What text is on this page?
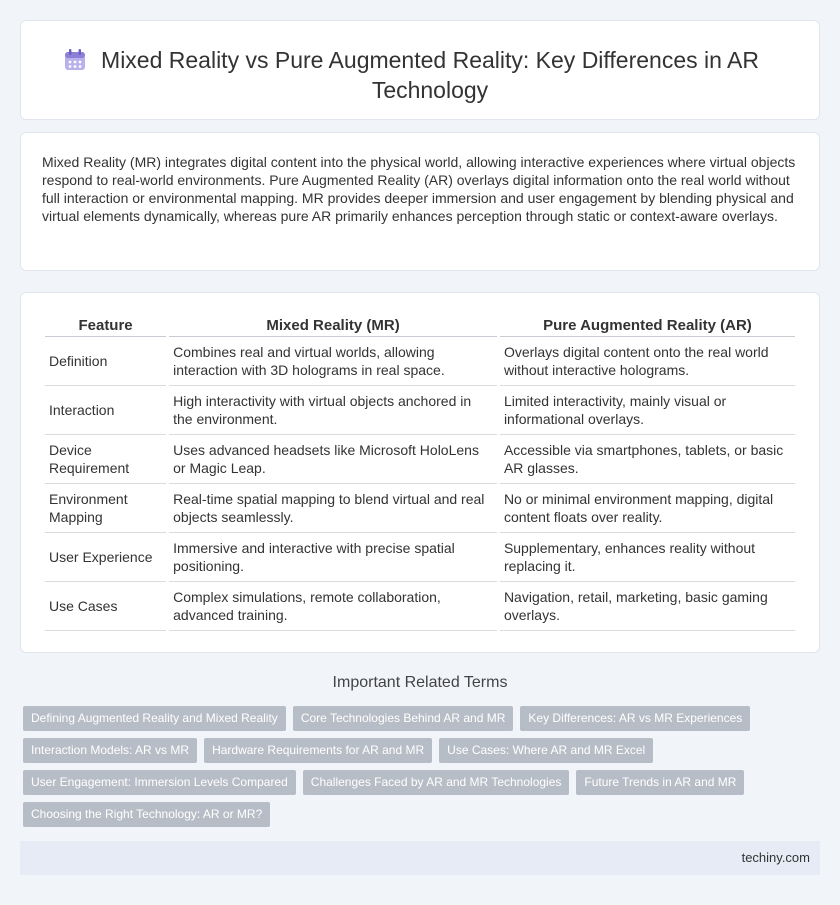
Mixed Reality vs Pure Augmented Reality: Key Differences in AR Technology

Mixed Reality (MR) integrates digital content into the physical world, allowing interactive experiences where virtual objects respond to real-world environments. Pure Augmented Reality (AR) overlays digital information onto the real world without full interaction or environmental mapping. MR provides deeper immersion and user engagement by blending physical and virtual elements dynamically, whereas pure AR primarily enhances perception through static or context-aware overlays.

Feature	Mixed Reality (MR)	Pure Augmented Reality (AR)
Definition	Combines real and virtual worlds, allowing interaction with 3D holograms in real space.	Overlays digital content onto the real world without interactive holograms.
Interaction	High interactivity with virtual objects anchored in the environment.	Limited interactivity, mainly visual or informational overlays.
Device Requirement	Uses advanced headsets like Microsoft HoloLens or Magic Leap.	Accessible via smartphones, tablets, or basic AR glasses.
Environment Mapping	Real-time spatial mapping to blend virtual and real objects seamlessly.	No or minimal environment mapping, digital content floats over reality.
User Experience	Immersive and interactive with precise spatial positioning.	Supplementary, enhances reality without replacing it.
Use Cases	Complex simulations, remote collaboration, advanced training.	Navigation, retail, marketing, basic gaming overlays.
Important Related Terms
Defining Augmented Reality and Mixed Reality	Core Technologies Behind AR and MR	Key Differences: AR vs MR Experiences
Interaction Models: AR vs MR	Hardware Requirements for AR and MR	Use Cases: Where AR and MR Excel
User Engagement: Immersion Levels Compared	Challenges Faced by AR and MR Technologies	Future Trends in AR and MR
Choosing the Right Technology: AR or MR?
techiny.com
